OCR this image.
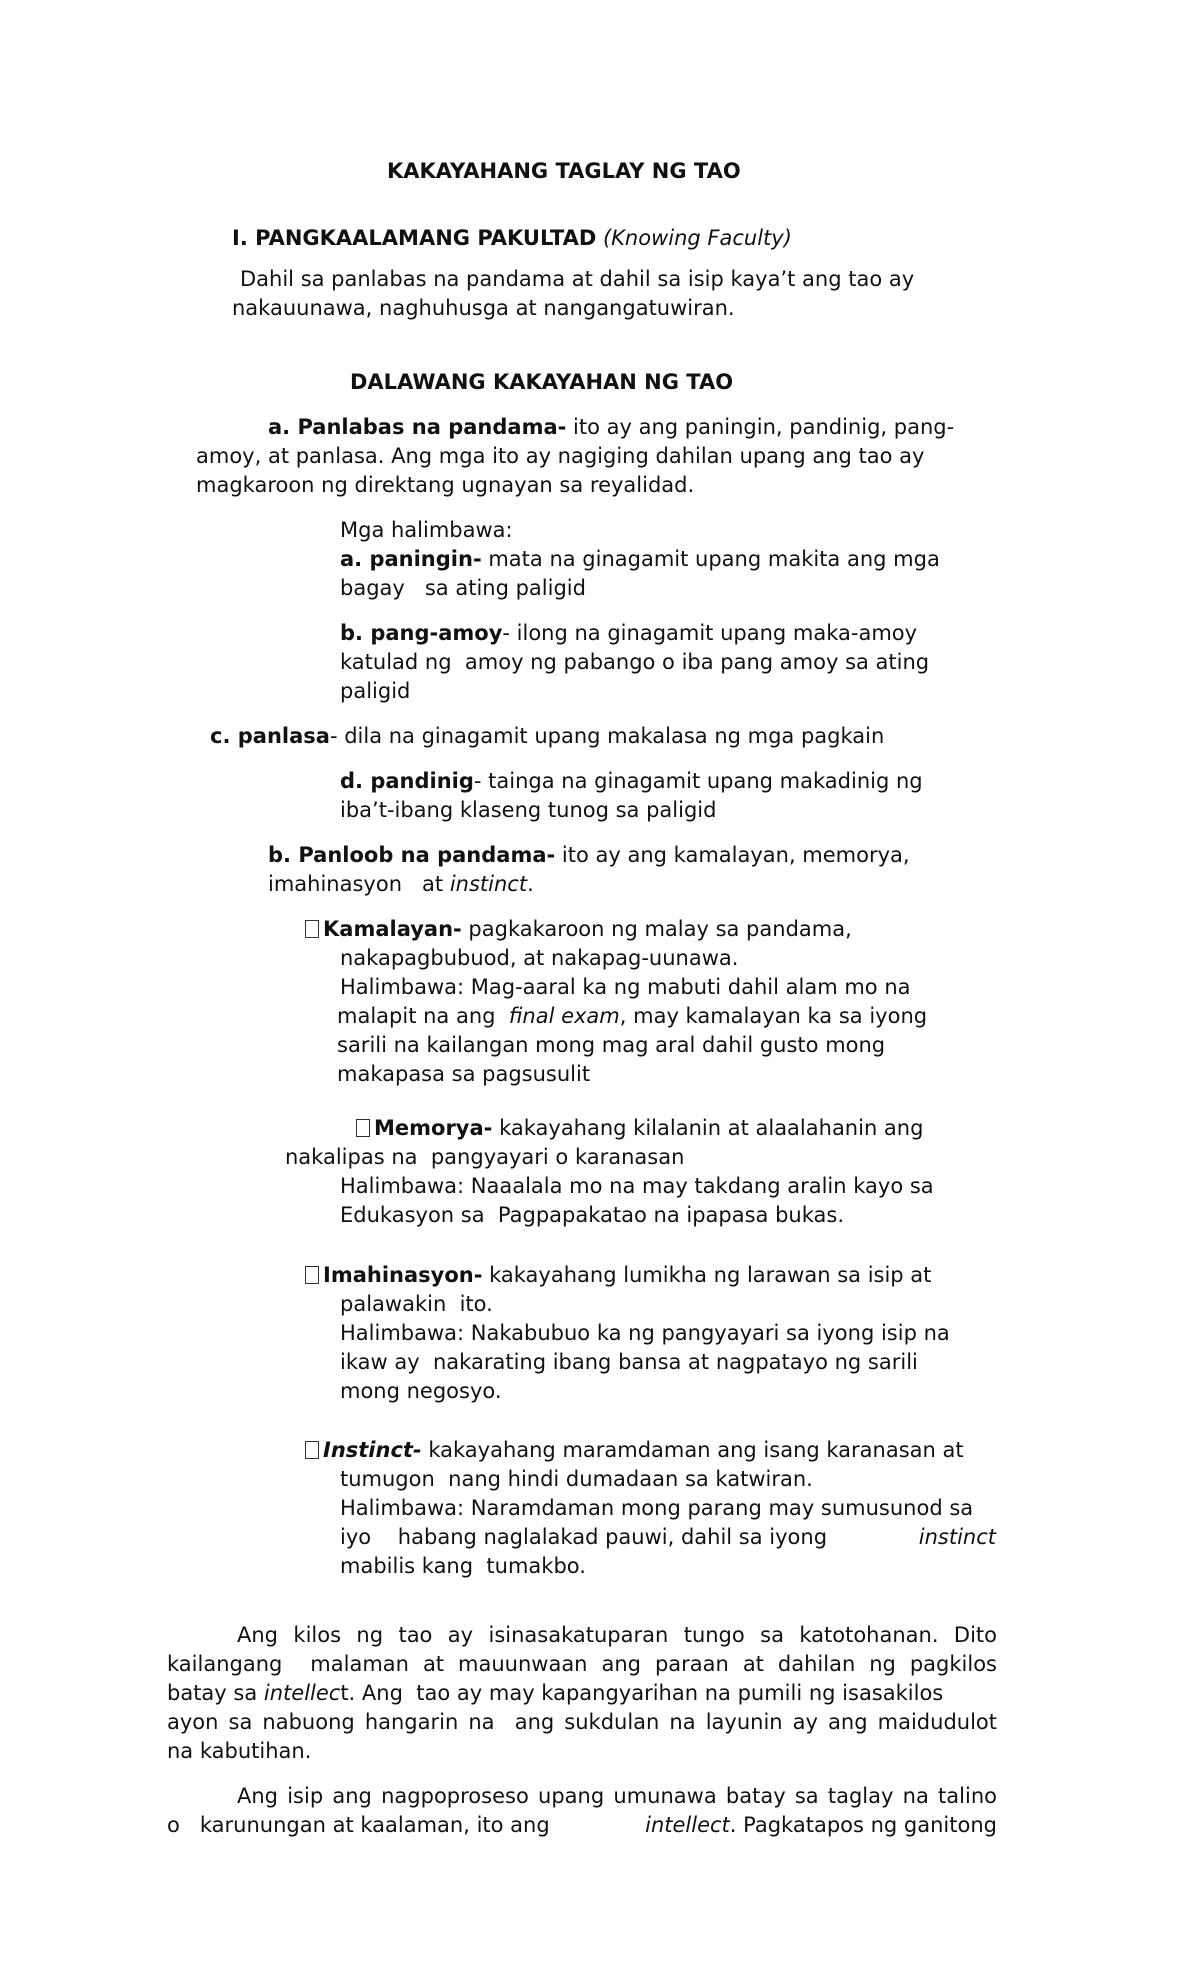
KAKAYAHANG TAGLAY NG TAO

I. PANGKAALAMANG PAKULTAD (Knowing Faculty)

Dahil sa panlabas na pandama at dahil sa isip kaya’t ang tao ay

nakauunawa, naghuhusga at nangangatuwiran.

DALAWANG KAKAYAHAN NG TAO

a. Panlabas na pandama- ito ay ang paningin, pandinig, pang-

amoy, at panlasa. Ang mga ito ay nagiging dahilan upang ang tao ay

magkaroon ng direktang ugnayan sa reyalidad.

Mga halimbawa:

a. paningin- mata na ginagamit upang makita ang mga

bagay   sa ating paligid

b. pang-amoy- ilong na ginagamit upang maka-amoy

katulad ng  amoy ng pabango o iba pang amoy sa ating

paligid

c. panlasa- dila na ginagamit upang makalasa ng mga pagkain

d. pandinig- tainga na ginagamit upang makadinig ng

iba’t-ibang klaseng tunog sa paligid

b. Panloob na pandama- ito ay ang kamalayan, memorya,

imahinasyon   at instinct.

Kamalayan- pagkakaroon ng malay sa pandama,

nakapagbubuod, at nakapag-uunawa.

Halimbawa: Mag-aaral ka ng mabuti dahil alam mo na

malapit na ang  final exam, may kamalayan ka sa iyong

sarili na kailangan mong mag aral dahil gusto mong

makapasa sa pagsusulit

Memorya- kakayahang kilalanin at alaalahanin ang

nakalipas na  pangyayari o karanasan

Halimbawa: Naaalala mo na may takdang aralin kayo sa

Edukasyon sa  Pagpapakatao na ipapasa bukas.

Imahinasyon- kakayahang lumikha ng larawan sa isip at

palawakin  ito.

Halimbawa: Nakabubuo ka ng pangyayari sa iyong isip na

ikaw ay  nakarating ibang bansa at nagpatayo ng sarili

mong negosyo.

Instinct- kakayahang maramdaman ang isang karanasan at

tumugon  nang hindi dumadaan sa katwiran.

Halimbawa: Naramdaman mong parang may sumusunod sa

iyo    habang naglalakad pauwi, dahil sa iyong	instinct

mabilis kang  tumakbo.

Ang kilos ng tao ay isinasakatuparan tungo sa katotohanan. Dito

kailangang  malaman at mauunwaan ang paraan at dahilan ng pagkilos

batay sa intellect. Ang  tao ay may kapangyarihan na pumili ng isasakilos

ayon sa nabuong hangarin na  ang sukdulan na layunin ay ang maidudulot

na kabutihan.

Ang isip ang nagpoproseso upang umunawa batay sa taglay na talino

o   karunungan at kaalaman, ito ang	intellect. Pagkatapos ng ganitong
